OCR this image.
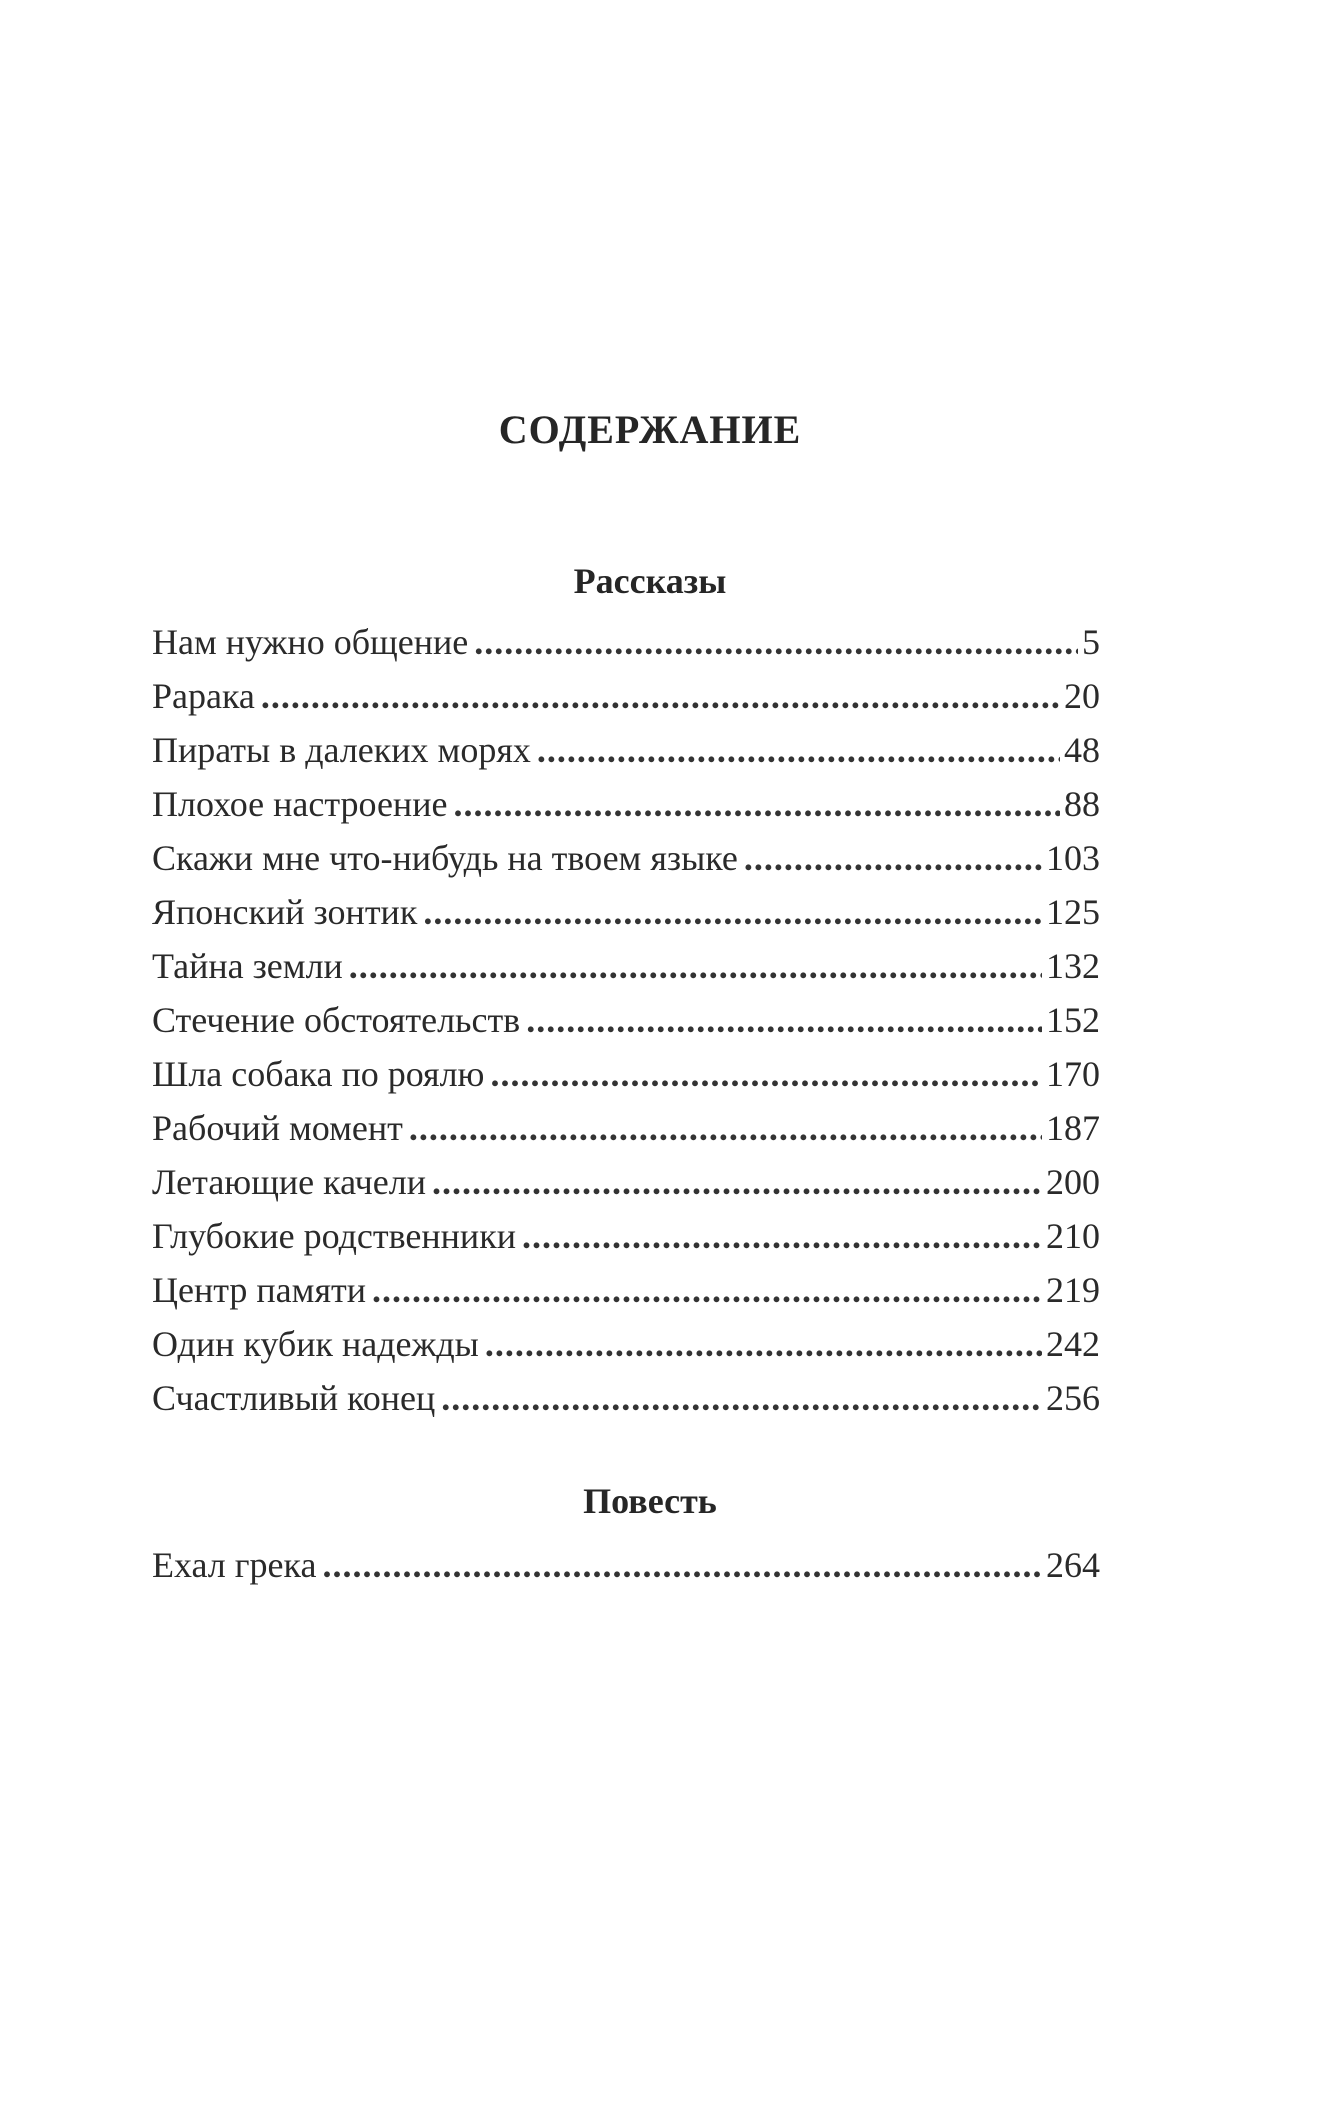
СОДЕРЖАНИЕ
Рассказы
Нам нужно общение .....	5
Рарака .....	20
Пираты в далеких морях .....	48
Плохое настроение .....	88
Скажи мне что-нибудь на твоем языке .....	103
Японский зонтик .....	125
Тайна земли .....	132
Стечение обстоятельств .....	152
Шла собака по роялю .....	170
Рабочий момент .....	187
Летающие качели .....	200
Глубокие родственники .....	210
Центр памяти .....	219
Один кубик надежды .....	242
Счастливый конец .....	256
Повесть
Ехал грека .....	264
